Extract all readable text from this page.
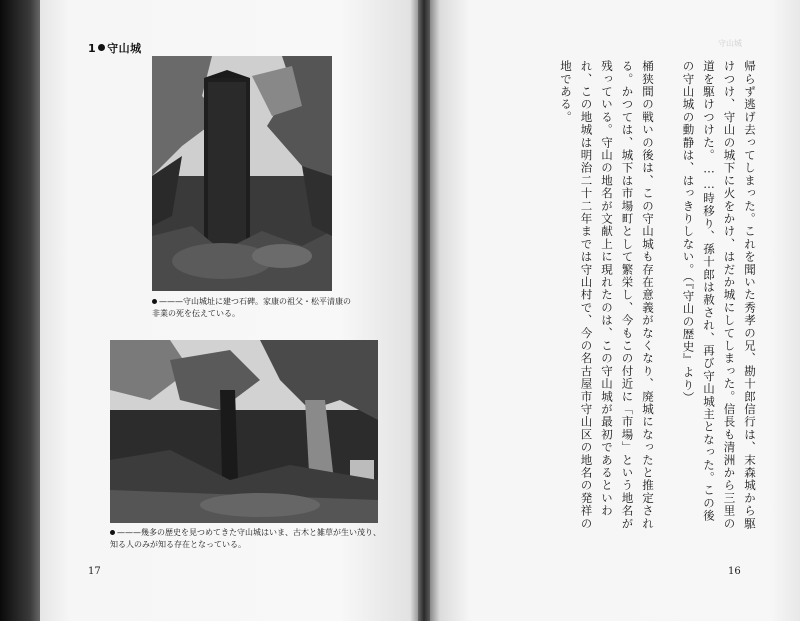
1 守山城	守山城
———守山城址に建つ石碑。家康の祖父・松平清康の非業の死を伝えている。
———幾多の歴史を見つめてきた守山城はいま、古木と雑草が生い茂り、知る人のみが知る存在となっている。
17	16

帰らず逃げ去ってしまった。これを聞いた秀孝の兄、勘十郎信行は、末森城から駆けつけ、守山の城下に火をかけ、はだか城にしてしまった。信長も清洲から三里の道を駆けつけた。……時移り、孫十郎は赦され、再び守山城主となった。この後の守山城の動静は、はっきりしない。（『守山の歴史』より）

桶狭間の戦いの後は、この守山城も存在意義がなくなり、廃城になったと推定される。かつては、城下は市場町として繁栄し、今もこの付近に「市場」という地名が残っている。守山の地名が文献上に現れたのは、この守山城が最初であるといわれ、この地城は明治二十二年までは守山村で、今の名古屋市守山区の地名の発祥の地である。
